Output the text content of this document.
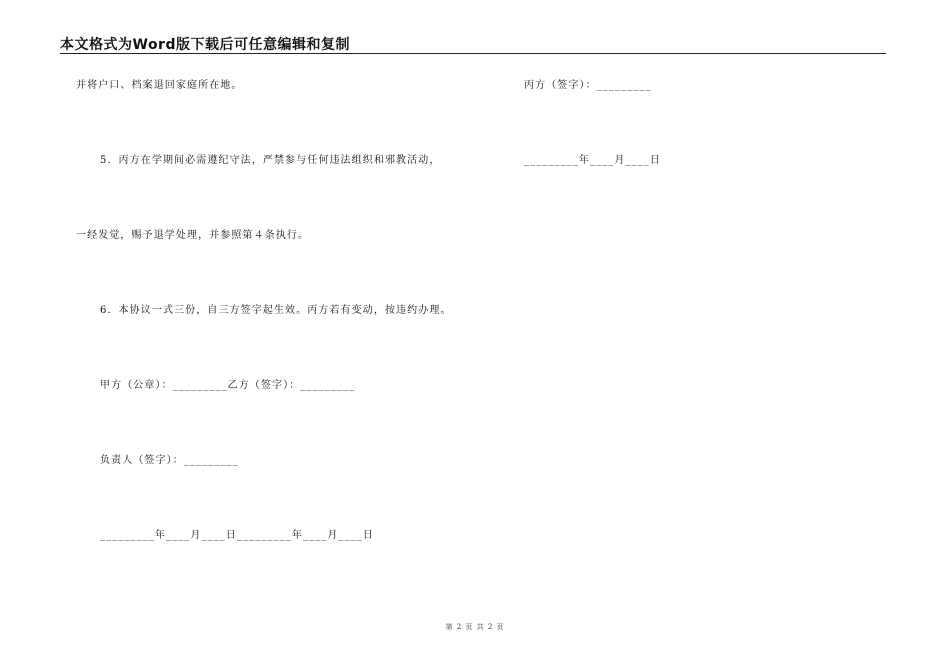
本文格式为Word版下载后可任意编辑和复制
并将户口、档案退回家庭所在地。	丙方（签字）：_________
5．丙方在学期间必需遵纪守法，严禁参与任何违法组织和邪教活动，	_________年____月____日
一经发觉，赐予退学处理，并参照第４条执行。
6．本协议一式三份，自三方签字起生效。丙方若有变动，按违约办理。
甲方（公章）：_________乙方（签字）：_________
负责人（签字）：_________
_________年____月____日_________年____月____日
第 2 页 共 2 页
